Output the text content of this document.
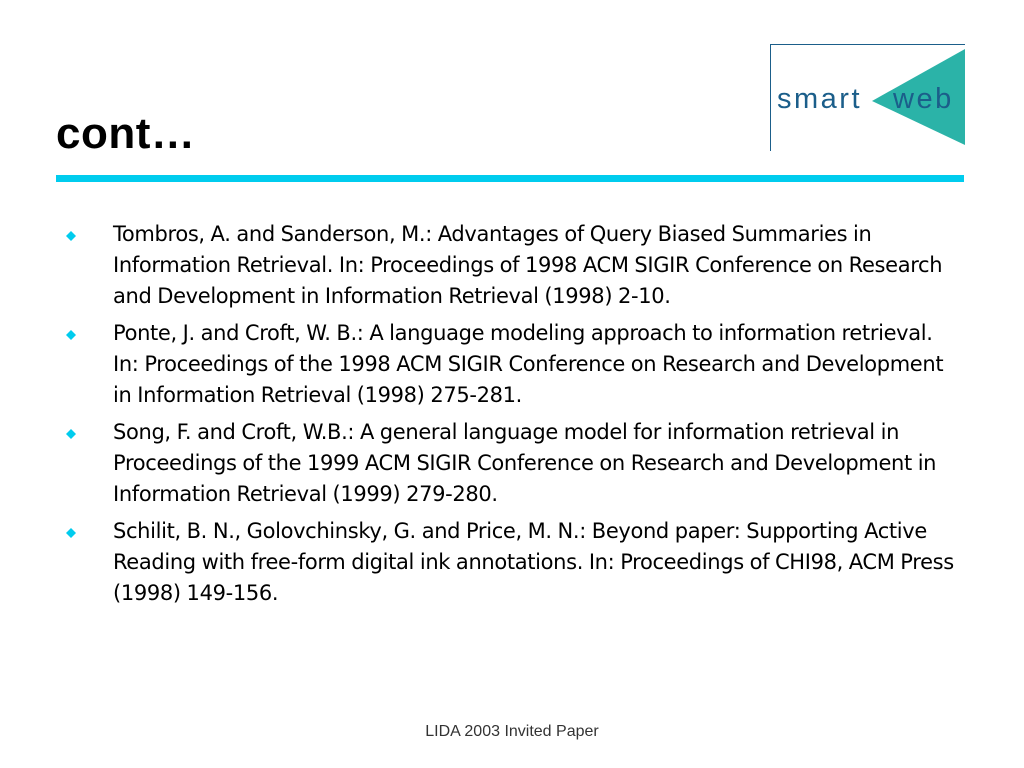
cont…
smart web
Tombros, A. and Sanderson, M.: Advantages of Query Biased Summaries in Information Retrieval. In: Proceedings of 1998 ACM SIGIR Conference on Research and Development in Information Retrieval (1998) 2-10.
Ponte, J. and Croft, W. B.: A language modeling approach to information retrieval. In: Proceedings of the 1998 ACM SIGIR Conference on Research and Development in Information Retrieval (1998) 275-281.
Song, F. and Croft, W.B.: A general language model for information retrieval in Proceedings of the 1999 ACM SIGIR Conference on Research and Development in Information Retrieval (1999) 279-280.
Schilit, B. N., Golovchinsky, G. and Price, M. N.: Beyond paper: Supporting Active Reading with free-form digital ink annotations. In: Proceedings of CHI98, ACM Press (1998) 149-156.
LIDA 2003 Invited Paper
